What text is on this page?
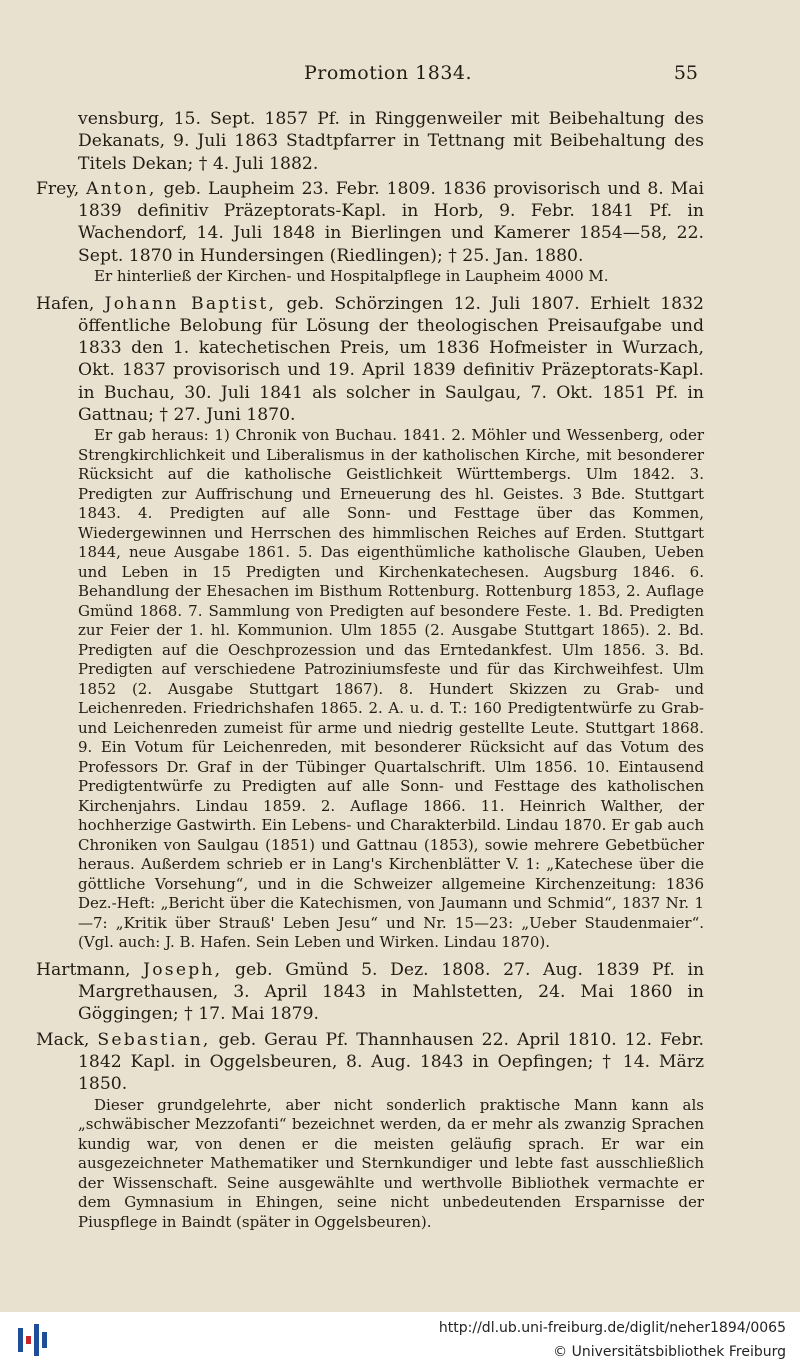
Promotion 1834.	55

vensburg, 15. Sept. 1857 Pf. in Ringgenweiler mit Beibehaltung des Dekanats, 9. Juli 1863 Stadtpfarrer in Tettnang mit Beibehaltung des Titels Dekan; † 4. Juli 1882.

Frey, Anton, geb. Laupheim 23. Febr. 1809. 1836 provisorisch und 8. Mai 1839 definitiv Präzeptorats-Kapl. in Horb, 9. Febr. 1841 Pf. in Wachendorf, 14. Juli 1848 in Bierlingen und Kamerer 1854—58, 22. Sept. 1870 in Hundersingen (Riedlingen); † 25. Jan. 1880.

Er hinterließ der Kirchen- und Hospitalpflege in Laupheim 4000 M.

Hafen, Johann Baptist, geb. Schörzingen 12. Juli 1807. Erhielt 1832 öffentliche Belobung für Lösung der theologischen Preisaufgabe und 1833 den 1. katechetischen Preis, um 1836 Hofmeister in Wurzach, Okt. 1837 provisorisch und 19. April 1839 definitiv Präzeptorats-Kapl. in Buchau, 30. Juli 1841 als solcher in Saulgau, 7. Okt. 1851 Pf. in Gattnau; † 27. Juni 1870.

Er gab heraus: 1) Chronik von Buchau. 1841. 2. Möhler und Wessenberg, oder Strengkirchlichkeit und Liberalismus in der katholischen Kirche, mit besonderer Rücksicht auf die katholische Geistlichkeit Württembergs. Ulm 1842. 3. Predigten zur Auffrischung und Erneuerung des hl. Geistes. 3 Bde. Stuttgart 1843. 4. Predigten auf alle Sonn- und Festtage über das Kommen, Wiedergewinnen und Herrschen des himmlischen Reiches auf Erden. Stuttgart 1844, neue Ausgabe 1861. 5. Das eigenthümliche katholische Glauben, Ueben und Leben in 15 Predigten und Kirchenkatechesen. Augsburg 1846. 6. Behandlung der Ehesachen im Bisthum Rottenburg. Rottenburg 1853, 2. Auflage Gmünd 1868. 7. Sammlung von Predigten auf besondere Feste. 1. Bd. Predigten zur Feier der 1. hl. Kommunion. Ulm 1855 (2. Ausgabe Stuttgart 1865). 2. Bd. Predigten auf die Oeschprozession und das Erntedankfest. Ulm 1856. 3. Bd. Predigten auf verschiedene Patroziniumsfeste und für das Kirchweihfest. Ulm 1852 (2. Ausgabe Stuttgart 1867). 8. Hundert Skizzen zu Grab- und Leichenreden. Friedrichshafen 1865. 2. A. u. d. T.: 160 Predigtentwürfe zu Grab- und Leichenreden zumeist für arme und niedrig gestellte Leute. Stuttgart 1868. 9. Ein Votum für Leichenreden, mit besonderer Rücksicht auf das Votum des Professors Dr. Graf in der Tübinger Quartalschrift. Ulm 1856. 10. Eintausend Predigtentwürfe zu Predigten auf alle Sonn- und Festtage des katholischen Kirchenjahrs. Lindau 1859. 2. Auflage 1866. 11. Heinrich Walther, der hochherzige Gastwirth. Ein Lebens- und Charakterbild. Lindau 1870. Er gab auch Chroniken von Saulgau (1851) und Gattnau (1853), sowie mehrere Gebetbücher heraus. Außerdem schrieb er in Lang's Kirchenblätter V. 1: „Katechese über die göttliche Vorsehung“, und in die Schweizer allgemeine Kirchenzeitung: 1836 Dez.-Heft: „Bericht über die Katechismen, von Jaumann und Schmid“, 1837 Nr. 1—7: „Kritik über Strauß' Leben Jesu“ und Nr. 15—23: „Ueber Staudenmaier“. (Vgl. auch: J. B. Hafen. Sein Leben und Wirken. Lindau 1870).

Hartmann, Joseph, geb. Gmünd 5. Dez. 1808. 27. Aug. 1839 Pf. in Margrethausen, 3. April 1843 in Mahlstetten, 24. Mai 1860 in Göggingen; † 17. Mai 1879.

Mack, Sebastian, geb. Gerau Pf. Thannhausen 22. April 1810. 12. Febr. 1842 Kapl. in Oggelsbeuren, 8. Aug. 1843 in Oepfingen; † 14. März 1850.

Dieser grundgelehrte, aber nicht sonderlich praktische Mann kann als „schwäbischer Mezzofanti“ bezeichnet werden, da er mehr als zwanzig Sprachen kundig war, von denen er die meisten geläufig sprach. Er war ein ausgezeichneter Mathematiker und Sternkundiger und lebte fast ausschließlich der Wissenschaft. Seine ausgewählte und werthvolle Bibliothek vermachte er dem Gymnasium in Ehingen, seine nicht unbedeutenden Ersparnisse der Piuspflege in Baindt (später in Oggelsbeuren).

http://dl.ub.uni-freiburg.de/diglit/neher1894/0065
© Universitätsbibliothek Freiburg
